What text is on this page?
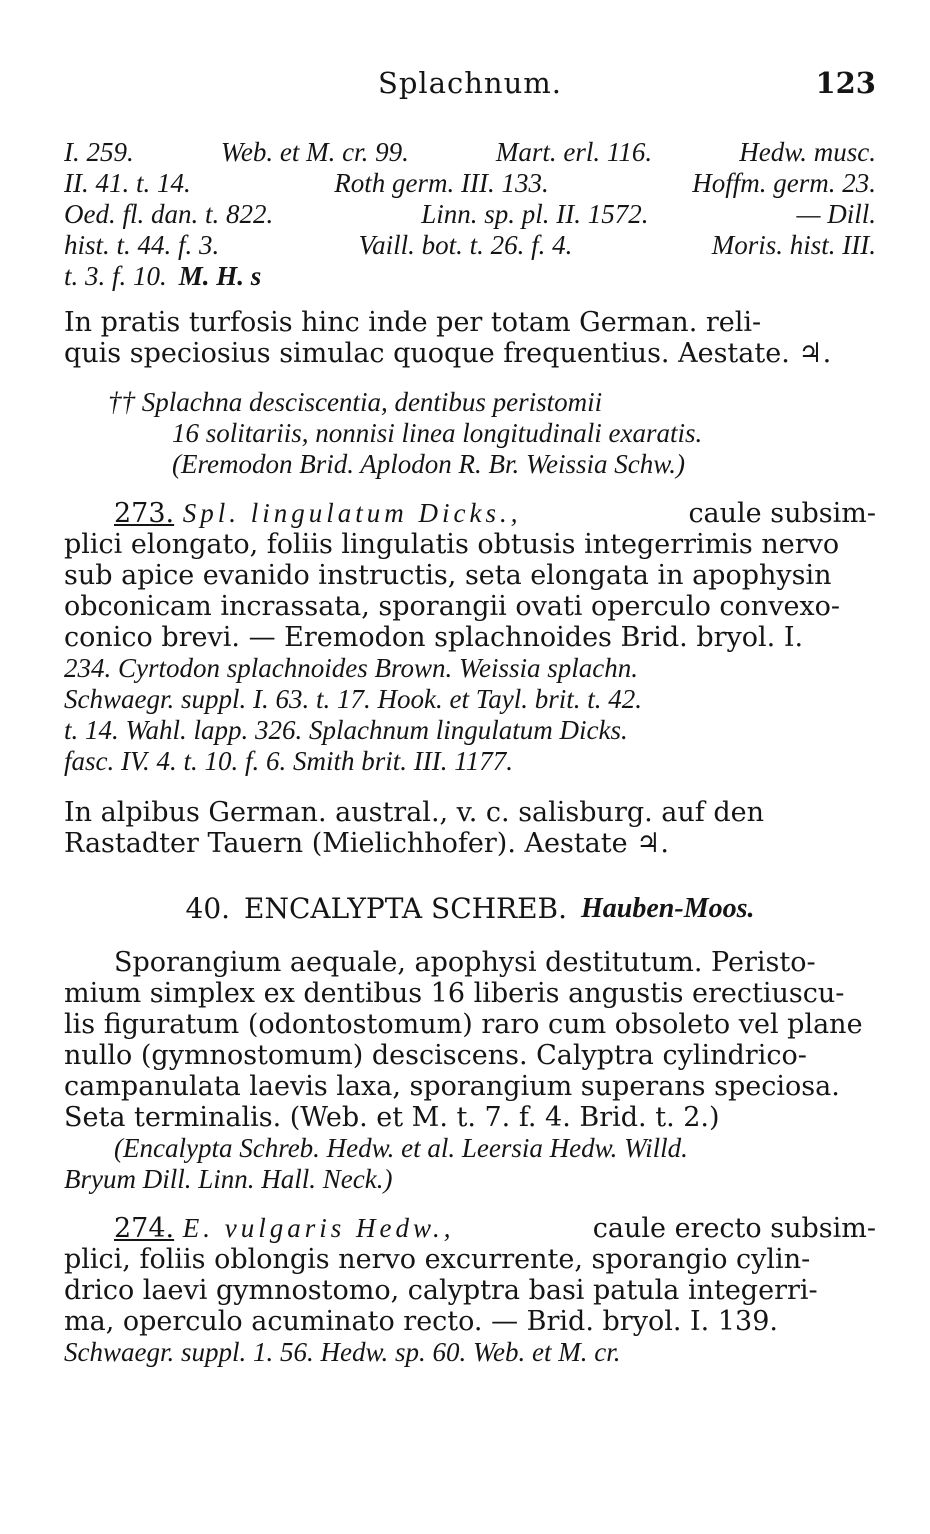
Splachnum.	123
I. 259.	Web. et M. cr. 99.	Mart. erl. 116.	Hedw. musc.
II. 41. t. 14.	Roth germ. III. 133.	Hoffm. germ. 23.
Oed. fl. dan. t. 822.	Linn. sp. pl. II. 1572.	— Dill.
hist. t. 44. f. 3.	Vaill. bot. t. 26. f. 4.	Moris. hist. III.
t. 3. f. 10. M. H. s
In pratis turfosis hinc inde per totam German. reli-
quis speciosius simulac quoque frequentius. Aestate. ♃.
†† Splachna desciscentia, dentibus peristomii
16 solitariis, nonnisi linea longitudinali exaratis.
(Eremodon Brid. Aplodon R. Br. Weissia Schw.)
273. Spl. lingulatum Dicks.,	caule subsim-
plici elongato, foliis lingulatis obtusis integerrimis nervo
sub apice evanido instructis, seta elongata in apophysin
obconicam incrassata, sporangii ovati operculo convexo-
conico brevi. — Eremodon splachnoides Brid. bryol. I.
234. Cyrtodon splachnoides Brown. Weissia splachn.
Schwaegr. suppl. I. 63. t. 17. Hook. et Tayl. brit. t. 42.
t. 14. Wahl. lapp. 326. Splachnum lingulatum Dicks.
fasc. IV. 4. t. 10. f. 6. Smith brit. III. 1177.
In alpibus German. austral., v. c. salisburg. auf den
Rastadter Tauern (Mielichhofer). Aestate ♃.
40. ENCALYPTA SCHREB. Hauben-Moos.
Sporangium aequale, apophysi destitutum. Peristo-
mium simplex ex dentibus 16 liberis angustis erectiuscu-
lis figuratum (odontostomum) raro cum obsoleto vel plane
nullo (gymnostomum) desciscens. Calyptra cylindrico-
campanulata laevis laxa, sporangium superans speciosa.
Seta terminalis. (Web. et M. t. 7. f. 4. Brid. t. 2.)
(Encalypta Schreb. Hedw. et al. Leersia Hedw. Willd.
Bryum Dill. Linn. Hall. Neck.)
274. E. vulgaris Hedw.,	caule erecto subsim-
plici, foliis oblongis nervo excurrente, sporangio cylin-
drico laevi gymnostomo, calyptra basi patula integerri-
ma, operculo acuminato recto. — Brid. bryol. I. 139.
Schwaegr. suppl. 1. 56. Hedw. sp. 60. Web. et M. cr.
